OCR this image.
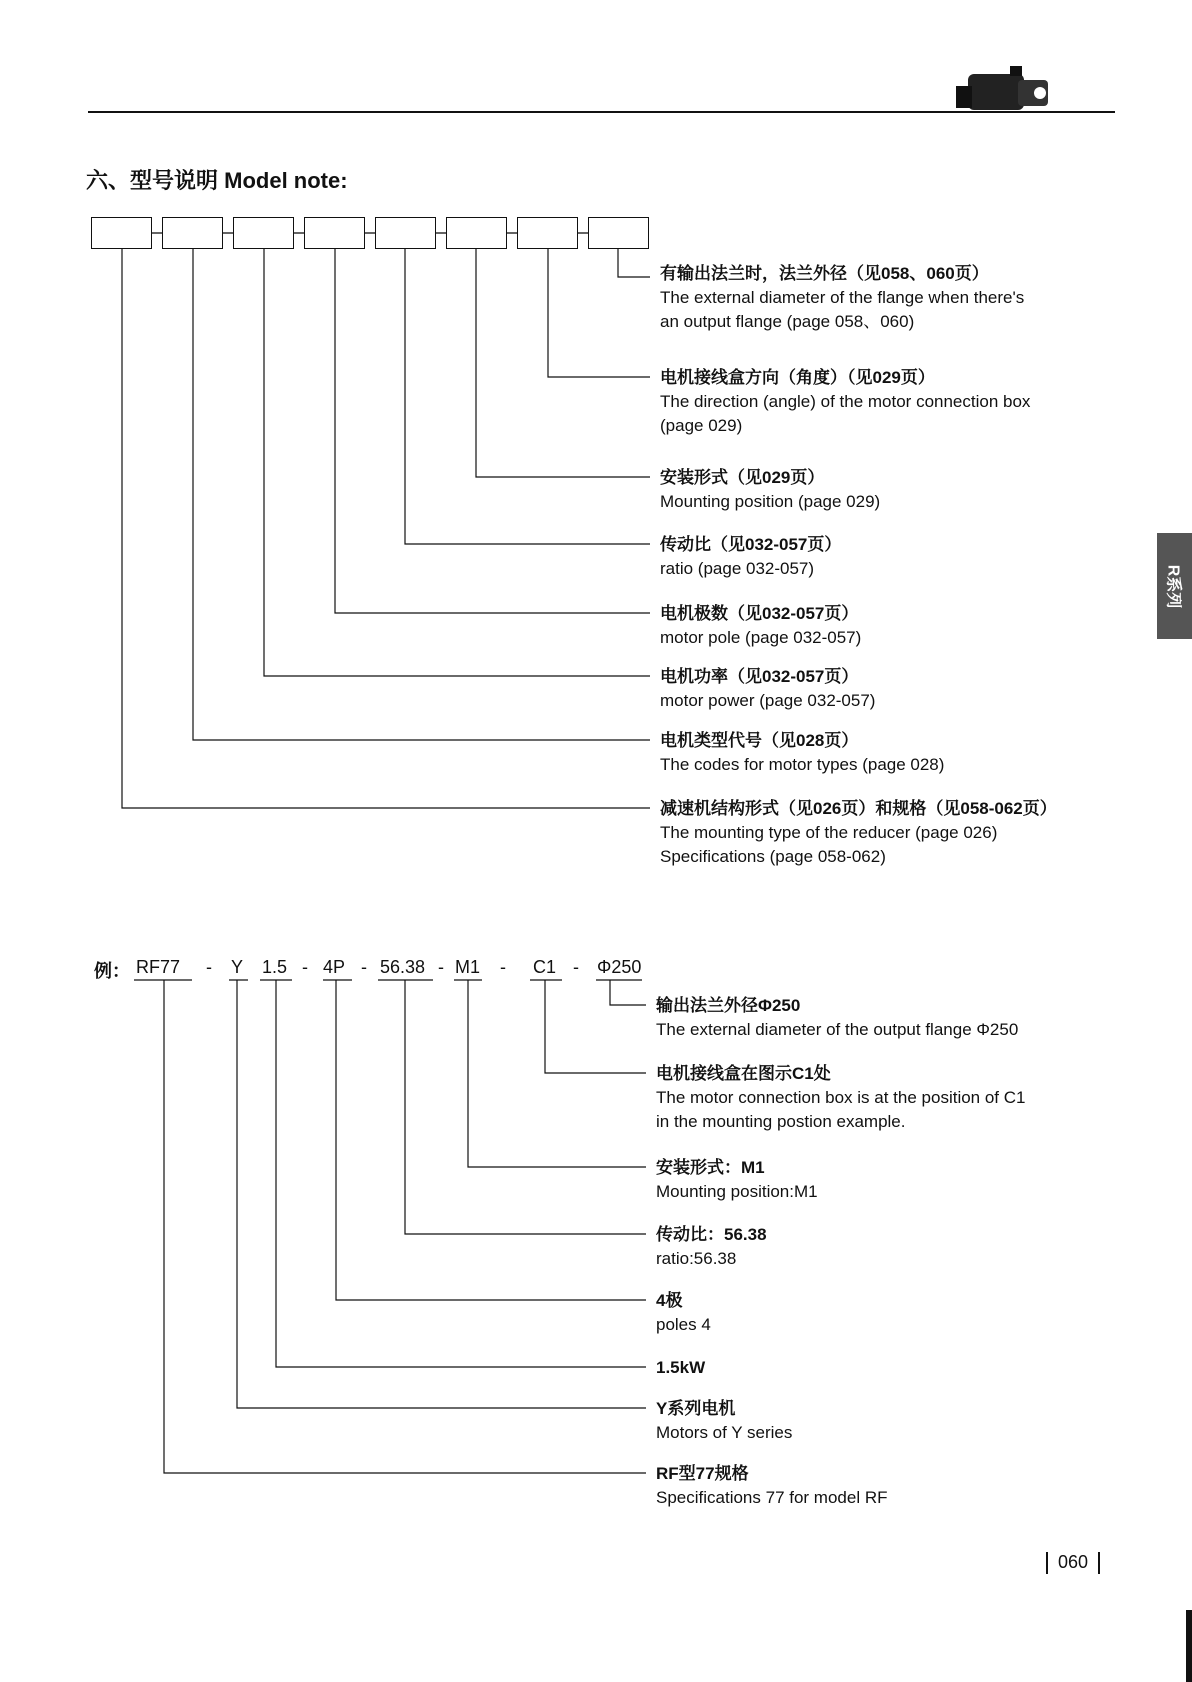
六、型号说明 Model note:
有输出法兰时，法兰外径（见058、060页）
The external diameter of the flange when there's
an output flange (page 058、060)
电机接线盒方向（角度）（见029页）
The direction (angle) of the motor connection box
(page 029)
安装形式（见029页）
Mounting position (page 029)
传动比（见032-057页）
ratio (page 032-057)
电机极数（见032-057页）
motor pole (page 032-057)
电机功率（见032-057页）
motor power (page 032-057)
电机类型代号（见028页）
The codes for motor types (page 028)
减速机结构形式（见026页）和规格（见058-062页）
The mounting type of the reducer (page 026)
Specifications (page 058-062)
例： RF77 - Y 1.5 - 4P - 56.38 - M1 - C1 - Φ250
输出法兰外径Φ250
The external diameter of the output flange Φ250
电机接线盒在图示C1处
The motor connection box is at the position of C1
in the mounting postion example.
安装形式：M1
Mounting position:M1
传动比：56.38
ratio:56.38
4极
poles 4
1.5kW
Y系列电机
Motors of Y series
RF型77规格
Specifications 77 for model RF
R系列
060
